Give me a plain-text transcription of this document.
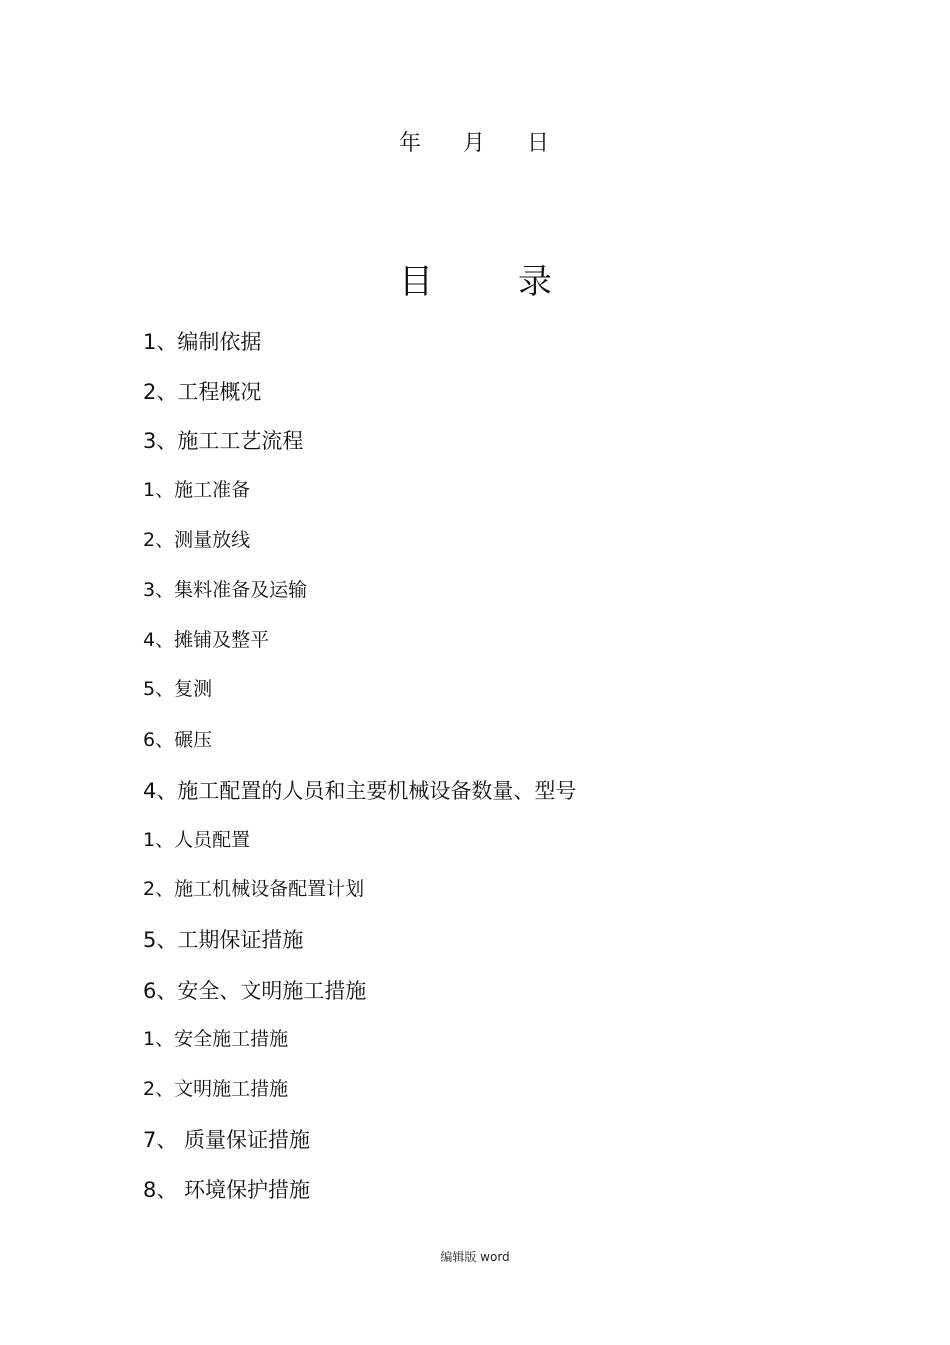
年 月 日
目	录
1、编制依据
2、工程概况
3、施工工艺流程
1、施工准备
2、测量放线
3、集料准备及运输
4、摊铺及整平
5、复测
6、碾压
4、施工配置的人员和主要机械设备数量、型号
1、人员配置
2、施工机械设备配置计划
5、工期保证措施
6、安全、文明施工措施
1、安全施工措施
2、文明施工措施
7、 质量保证措施
8、 环境保护措施
编辑版 word
